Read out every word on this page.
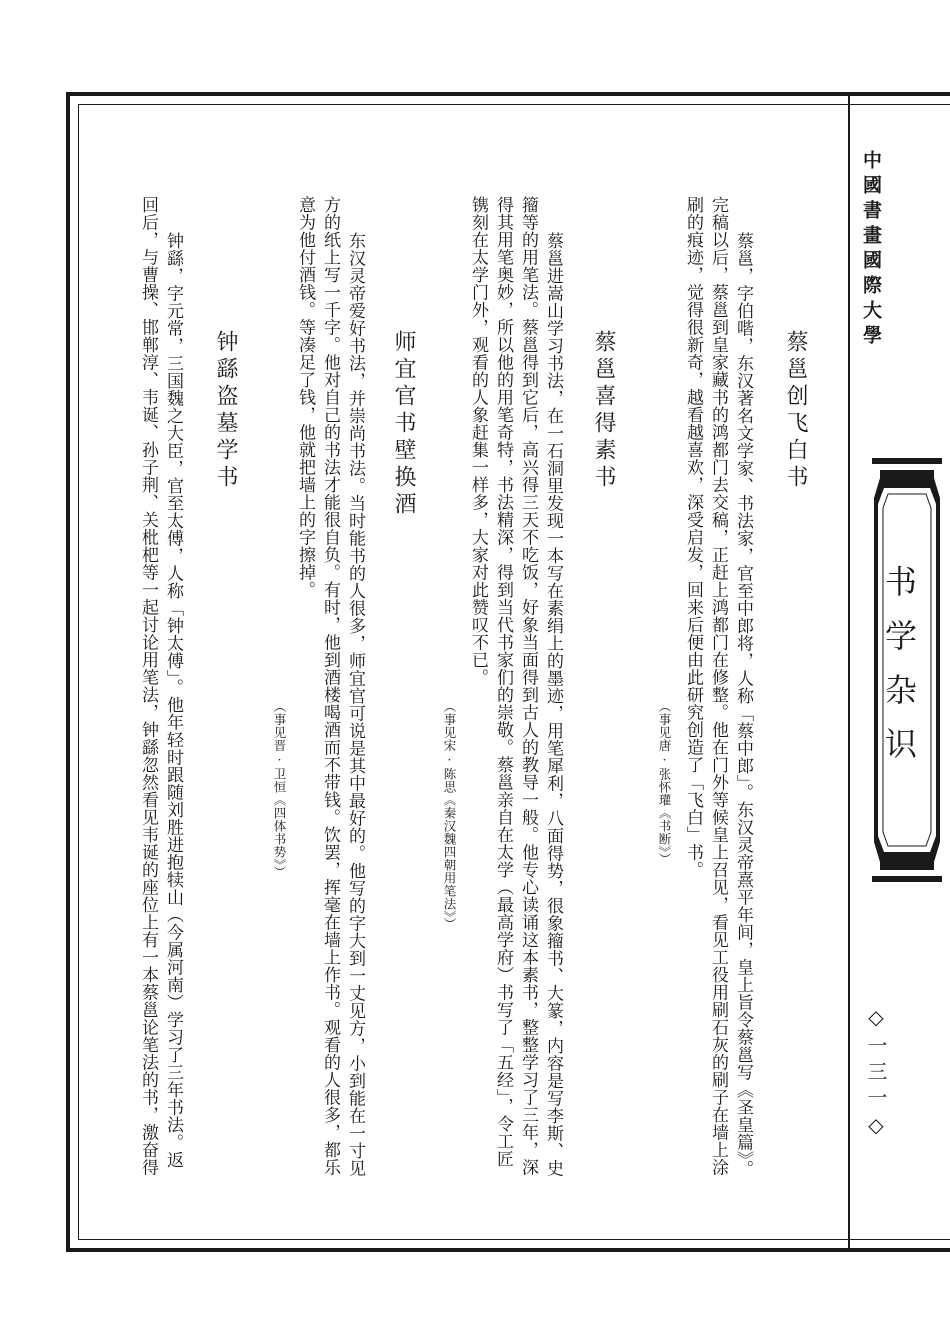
中國書畫國際大學
书学杂识
◇一三一◇
蔡邕创飞白书
蔡邕，字伯喈，东汉著名文学家、书法家，官至中郎将，人称「蔡中郎」。东汉灵帝熹平年间，皇上旨令蔡邕写《圣皇篇》。
完稿以后，蔡邕到皇家藏书的鸿都门去交稿，正赶上鸿都门在修整。他在门外等候皇上召见，看见工役用刷石灰的刷子在墙上涂
刷的痕迹，觉得很新奇，越看越喜欢，深受启发，回来后便由此研究创造了「飞白」书。
（事见唐·张怀瓘《书断》）
蔡邕喜得素书
蔡邕进嵩山学习书法，在一石洞里发现一本写在素绢上的墨迹，用笔犀利，八面得势，很象籀书、大篆，内容是写李斯、史
籀等的用笔法。蔡邕得到它后，高兴得三天不吃饭，好象当面得到古人的教导一般。他专心读诵这本素书，整整学习了三年，深
得其用笔奥妙，所以他的用笔奇特，书法精深，得到当代书家们的崇敬。蔡邕亲自在太学（最高学府）书写了「五经」，令工匠
镌刻在太学门外，观看的人象赶集一样多，大家对此赞叹不已。
（事见宋·陈思《秦汉魏四朝用笔法》）
师宜官书壁换酒
东汉灵帝爱好书法，并崇尚书法。当时能书的人很多，师宜官可说是其中最好的。他写的字大到一丈见方，小到能在一寸见
方的纸上写一千字。他对自己的书法才能很自负。有时，他到酒楼喝酒而不带钱。饮罢，挥毫在墙上作书。观看的人很多，都乐
意为他付酒钱。等凑足了钱，他就把墙上的字擦掉。
（事见晋·卫恒《四体书势》）
钟繇盗墓学书
钟繇，字元常，三国魏之大臣，官至太傅，人称「钟太傅」。他年轻时跟随刘胜进抱犊山（今属河南）学习了三年书法。返
回后，与曹操、邯郸淳、韦诞、孙子荆、关枇杷等一起讨论用笔法，钟繇忽然看见韦诞的座位上有一本蔡邕论笔法的书，激奋得
